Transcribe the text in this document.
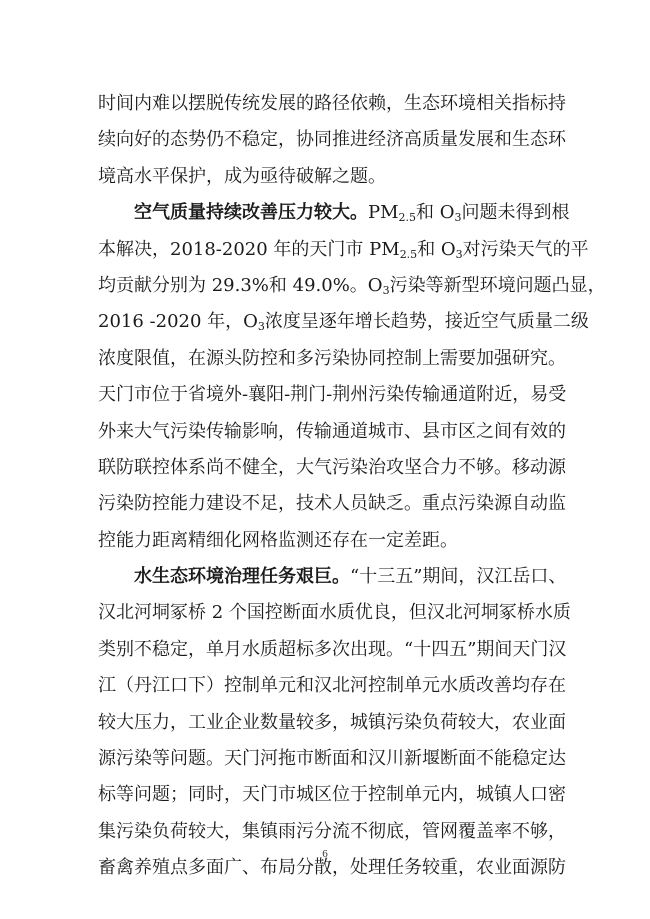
时间内难以摆脱传统发展的路径依赖，生态环境相关指标持
续向好的态势仍不稳定，协同推进经济高质量发展和生态环
境高水平保护，成为亟待破解之题。
空气质量持续改善压力较大。$PM_{2.5}$和 $O_3$问题未得到根
本解决，2018-2020 年的天门市 $PM_{2.5}$和 $O_3$对污染天气的平
均贡献分别为 29.3%和 49.0%。$O_3$污染等新型环境问题凸显，
2016 -2020 年，$O_3$浓度呈逐年增长趋势，接近空气质量二级
浓度限值，在源头防控和多污染协同控制上需要加强研究。
天门市位于省境外-襄阳-荆门-荆州污染传输通道附近，易受
外来大气污染传输影响，传输通道城市、县市区之间有效的
联防联控体系尚不健全，大气污染治攻坚合力不够。移动源
污染防控能力建设不足，技术人员缺乏。重点污染源自动监
控能力距离精细化网格监测还存在一定差距。
水生态环境治理任务艰巨。“十三五”期间，汉江岳口、
汉北河垌冢桥 2 个国控断面水质优良，但汉北河垌冢桥水质
类别不稳定，单月水质超标多次出现。“十四五”期间天门汉
江（丹江口下）控制单元和汉北河控制单元水质改善均存在
较大压力，工业企业数量较多，城镇污染负荷较大，农业面
源污染等问题。天门河拖市断面和汉川新堰断面不能稳定达
标等问题；同时，天门市城区位于控制单元内，城镇人口密
集污染负荷较大，集镇雨污分流不彻底，管网覆盖率不够，
畜禽养殖点多面广、布局分散，处理任务较重，农业面源防
6
